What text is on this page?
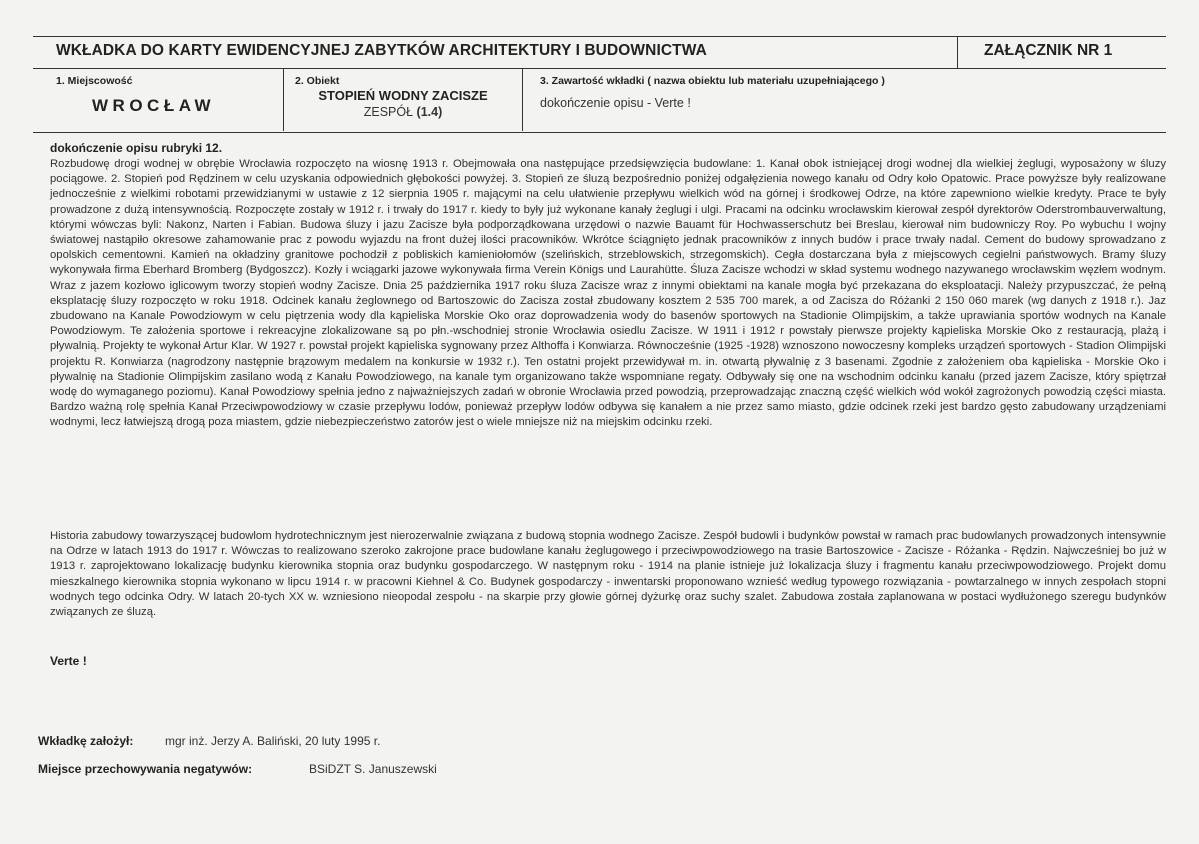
WKŁADKA DO KARTY EWIDENCYJNEJ ZABYTKÓW ARCHITEKTURY I BUDOWNICTWA	ZAŁĄCZNIK NR 1
1. Miejscowość
WROCŁAW
2. Obiekt
STOPIEŃ WODNY ZACISZE
ZESPÓŁ (1.4)
3. Zawartość wkładki ( nazwa obiektu lub materiału uzupełniającego )
dokończenie opisu - Verte !
dokończenie opisu rubryki 12.
Rozbudowę drogi wodnej w obrębie Wrocławia rozpoczęto na wiosnę 1913 r. Obejmowała ona następujące przedsięwzięcia budowlane: 1. Kanał obok istniejącej drogi wodnej dla wielkiej żeglugi, wyposażony w śluzy pociągowe. 2. Stopień pod Rędzinem w celu uzyskania odpowiednich głębokości powyżej. 3. Stopień ze śluzą bezpośrednio poniżej odgałęzienia nowego kanału od Odry koło Opatowic. Prace powyższe były realizowane jednocześnie z wielkimi robotami przewidzianymi w ustawie z 12 sierpnia 1905 r. mającymi na celu ułatwienie przepływu wielkich wód na górnej i środkowej Odrze, na które zapewniono wielkie kredyty. Prace te były prowadzone z dużą intensywnością. Rozpoczęte zostały w 1912 r. i trwały do 1917 r. kiedy to były już wykonane kanały żeglugi i ulgi. Pracami na odcinku wrocławskim kierował zespół dyrektorów Oderstrombauverwaltung, którymi wówczas byli: Nakonz, Narten i Fabian. Budowa śluzy i jazu Zacisze była podporządkowana urzędowi o nazwie Bauamt für Hochwasserschutz bei Breslau, kierował nim budowniczy Roy. Po wybuchu I wojny światowej nastąpiło okresowe zahamowanie prac z powodu wyjazdu na front dużej ilości pracowników. Wkrótce ściągnięto jednak pracowników z innych budów i prace trwały nadal. Cement do budowy sprowadzano z opolskich cementowni. Kamień na okładziny granitowe pochodził z pobliskich kamieniołomów (szelińskich, strzeblowskich, strzegomskich). Cegła dostarczana była z miejscowych cegielni państwowych. Bramy śluzy wykonywała firma Eberhard Bromberg (Bydgoszcz). Kozły i wciągarki jazowe wykonywała firma Verein Königs und Laurahütte. Śluza Zacisze wchodzi w skład systemu wodnego nazywanego wrocławskim węzłem wodnym. Wraz z jazem kozłowo iglicowym tworzy stopień wodny Zacisze. Dnia 25 października 1917 roku śluza Zacisze wraz z innymi obiektami na kanale mogła być przekazana do eksploatacji. Należy przypuszczać, że pełną eksplatację śluzy rozpoczęto w roku 1918. Odcinek kanału żeglownego od Bartoszowic do Zacisza został zbudowany kosztem 2 535 700 marek, a od Zacisza do Różanki 2 150 060 marek (wg danych z 1918 r.). Jaz zbudowano na Kanale Powodziowym w celu piętrzenia wody dla kąpieliska Morskie Oko oraz doprowadzenia wody do basenów sportowych na Stadionie Olimpijskim, a także uprawiania sportów wodnych na Kanale Powodziowym. Te założenia sportowe i rekreacyjne zlokalizowane są po płn.-wschodniej stronie Wrocławia osiedlu Zacisze. W 1911 i 1912 r powstały pierwsze projekty kąpieliska Morskie Oko z restauracją, plażą i pływalnią. Projekty te wykonał Artur Klar. W 1927 r. powstał projekt kąpieliska sygnowany przez Althoffa i Konwiarza. Równocześnie (1925 -1928) wznoszono nowoczesny kompleks urządzeń sportowych - Stadion Olimpijski projektu R. Konwiarza (nagrodzony następnie brązowym medalem na konkursie w 1932 r.). Ten ostatni projekt przewidywał m. in. otwartą pływalnię z 3 basenami. Zgodnie z założeniem oba kąpieliska - Morskie Oko i pływalnię na Stadionie Olimpijskim zasilano wodą z Kanału Powodziowego, na kanale tym organizowano także wspomniane regaty. Odbywały się one na wschodnim odcinku kanału (przed jazem Zacisze, który spiętrzał wodę do wymaganego poziomu). Kanał Powodziowy spełnia jedno z najważniejszych zadań w obronie Wrocławia przed powodzią, przeprowadzając znaczną część wielkich wód wokół zagrożonych powodzią części miasta. Bardzo ważną rolę spełnia Kanał Przeciwpowodziowy w czasie przepływu lodów, ponieważ przepływ lodów odbywa się kanałem a nie przez samo miasto, gdzie odcinek rzeki jest bardzo gęsto zabudowany urządzeniami wodnymi, lecz łatwiejszą drogą poza miastem, gdzie niebezpieczeństwo zatorów jest o wiele mniejsze niż na miejskim odcinku rzeki.
Historia zabudowy towarzyszącej budowlom hydrotechnicznym jest nierozerwalnie związana z budową stopnia wodnego Zacisze. Zespół budowli i budynków powstał w ramach prac budowlanych prowadzonych intensywnie na Odrze w latach 1913 do 1917 r. Wówczas to realizowano szeroko zakrojone prace budowlane kanału żeglugowego i przeciwpowodziowego na trasie Bartoszowice - Zacisze - Różanka - Rędzin. Najwcześniej bo już w 1913 r. zaprojektowano lokalizację budynku kierownika stopnia oraz budynku gospodarczego. W następnym roku - 1914 na planie istnieje już lokalizacja śluzy i fragmentu kanału przeciwpowodziowego. Projekt domu mieszkalnego kierownika stopnia wykonano w lipcu 1914 r. w pracowni Kiehnel & Co. Budynek gospodarczy - inwentarski proponowano wznieść według typowego rozwiązania - powtarzalnego w innych zespołach stopni wodnych tego odcinka Odry. W latach 20-tych XX w. wzniesiono nieopodal zespołu - na skarpie przy głowie górnej dyżurkę oraz suchy szalet. Zabudowa została zaplanowana w postaci wydłużonego szeregu budynków związanych ze śluzą.
Verte !
Wkładkę założył:	mgr inż. Jerzy A. Baliński, 20 luty 1995 r.
Miejsce przechowywania negatywów:	BSiDZT S. Januszewski
